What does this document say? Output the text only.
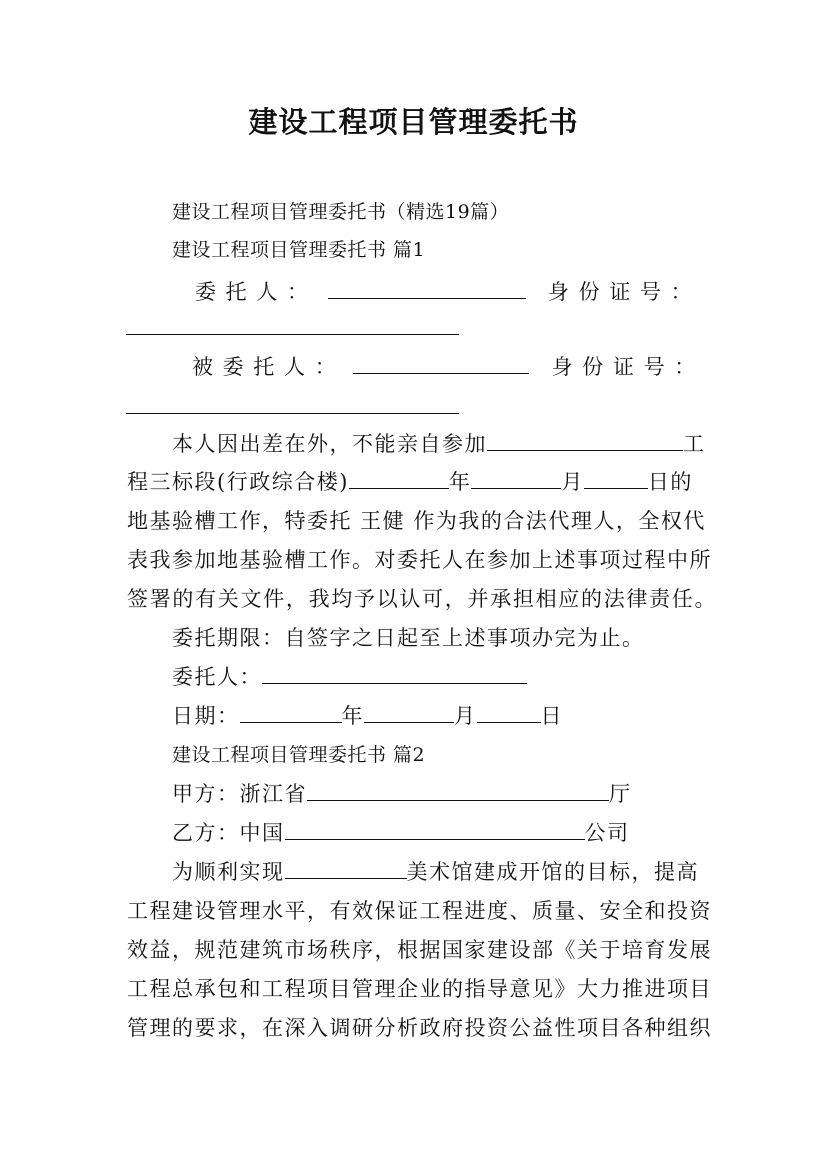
建设工程项目管理委托书
建设工程项目管理委托书（精选19篇）
建设工程项目管理委托书 篇1
委 托 人 ：	身 份 证 号 ：
被 委 托 人 ：	身 份 证 号 ：
本人因出差在外，不能亲自参加	工
程三标段(行政综合楼)	年	月	日的
地基验槽工作，特委托 王健 作为我的合法代理人，全权代
表我参加地基验槽工作。对委托人在参加上述事项过程中所
签署的有关文件，我均予以认可，并承担相应的法律责任。
委托期限：自签字之日起至上述事项办完为止。
委托人：
日期：	年	月	日
建设工程项目管理委托书 篇2
甲方：浙江省	厅
乙方：中国	公司
为顺利实现	美术馆建成开馆的目标，提高
工程建设管理水平，有效保证工程进度、质量、安全和投资
效益，规范建筑市场秩序，根据国家建设部《关于培育发展
工程总承包和工程项目管理企业的指导意见》大力推进项目
管理的要求，在深入调研分析政府投资公益性项目各种组织
